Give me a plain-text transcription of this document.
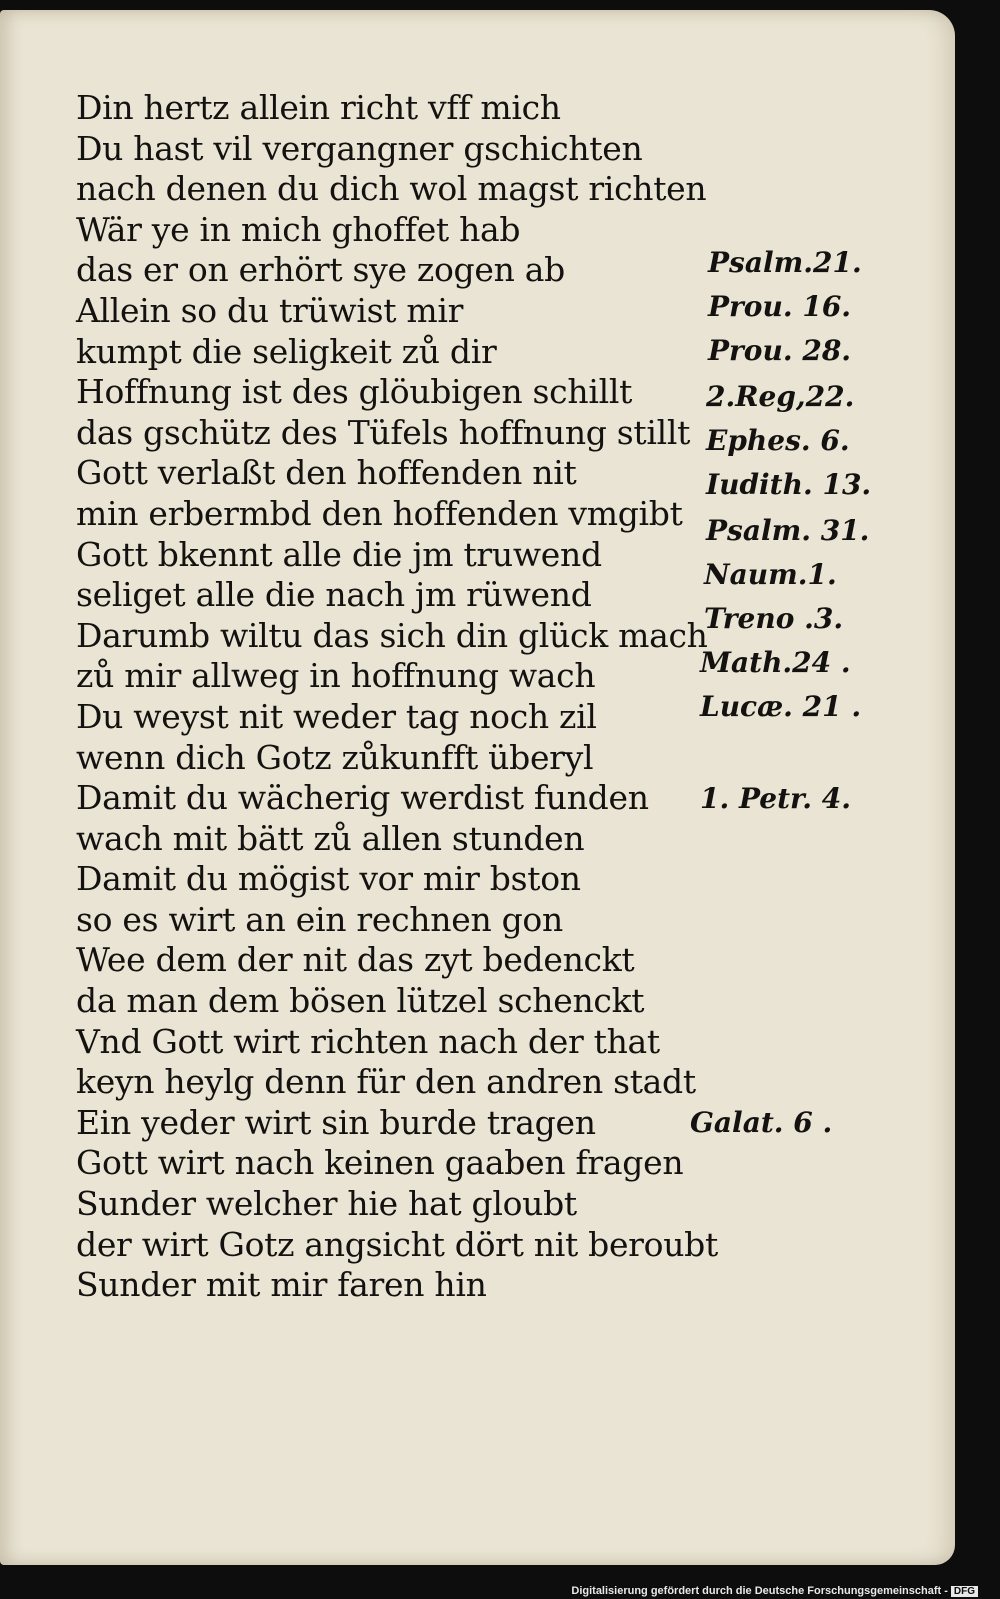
Din hertz allein richt vff mich
Du hast vil vergangner gschichten
nach denen du dich wol magst richten
Wär ye in mich ghoffet hab
das er on erhört sye zogen ab
Allein so du trüwist mir
kumpt die seligkeit zů dir
Hoffnung ist des glöubigen schillt
das gschütz des Tüfels hoffnung stillt
Gott verlaßt den hoffenden nit
min erbermbd den hoffenden vmgibt
Gott bkennt alle die jm truwend
seliget alle die nach jm rüwend
Darumb wiltu das sich din glück mach
zů mir allweg in hoffnung wach
Du weyst nit weder tag noch zil
wenn dich Gotz zůkunfft überyl
Damit du wächerig werdist funden
wach mit bätt zů allen stunden
Damit du mögist vor mir bston
so es wirt an ein rechnen gon
Wee dem der nit das zyt bedenckt
da man dem bösen lützel schenckt
Vnd Gott wirt richten nach der that
keyn heylg denn für den andren stadt
Ein yeder wirt sin burde tragen
Gott wirt nach keinen gaaben fragen
Sunder welcher hie hat gloubt
der wirt Gotz angsicht dört nit beroubt
Sunder mit mir faren hin
Psalm.21.
Prou. 16.
Prou. 28.
2.Reg,22.
Ephes. 6.
Iudith. 13.
Psalm. 31.
Naum.1.
Treno .3.
Math.24 .
Lucæ. 21 .
1. Petr. 4.
Galat. 6 .
Digitalisierung gefördert durch die Deutsche Forschungsgemeinschaft - DFG
